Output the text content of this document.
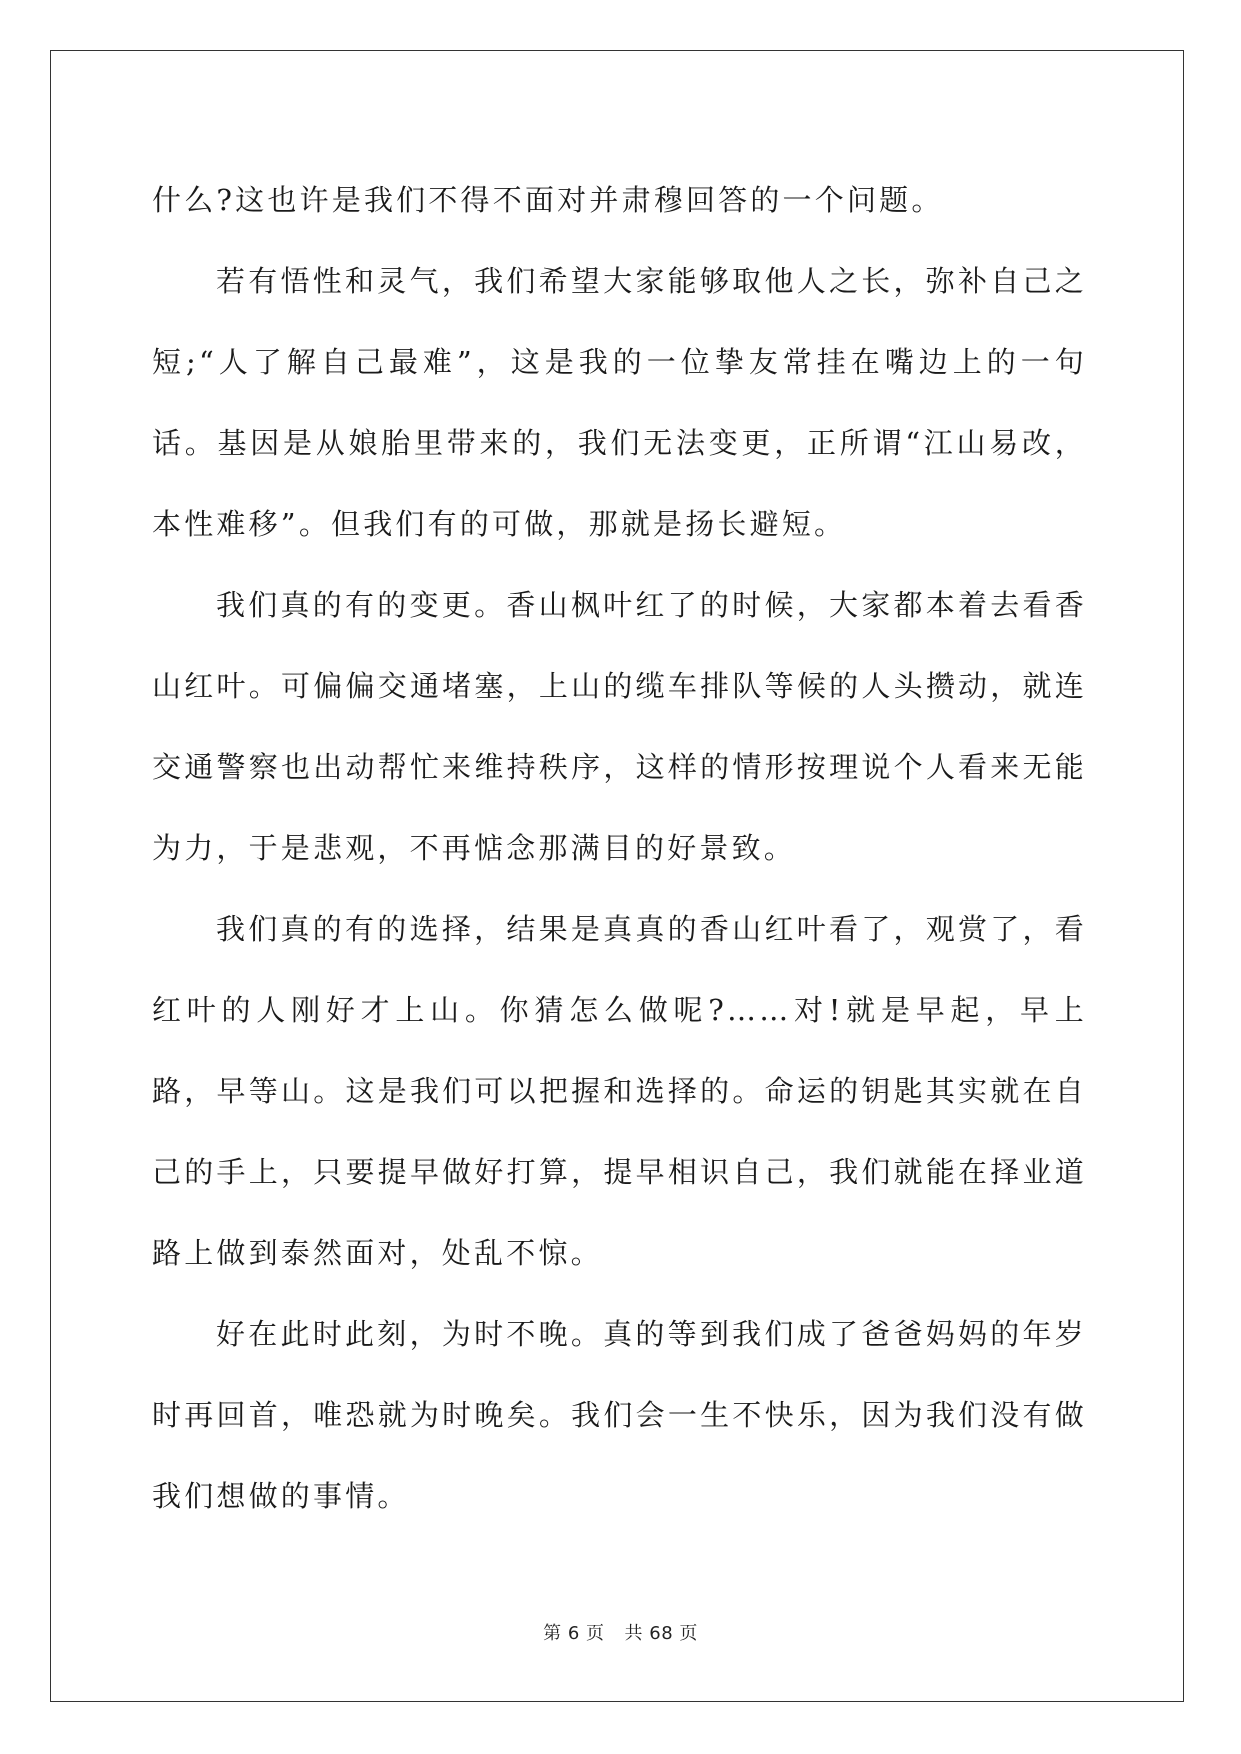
什么?这也许是我们不得不面对并肃穆回答的一个问题。

若有悟性和灵气，我们希望大家能够取他人之长，弥补自己之短;“人了解自己最难”，这是我的一位挚友常挂在嘴边上的一句话。基因是从娘胎里带来的，我们无法变更，正所谓“江山易改，本性难移”。但我们有的可做，那就是扬长避短。

我们真的有的变更。香山枫叶红了的时候，大家都本着去看香山红叶。可偏偏交通堵塞，上山的缆车排队等候的人头攒动，就连交通警察也出动帮忙来维持秩序，这样的情形按理说个人看来无能为力，于是悲观，不再惦念那满目的好景致。

我们真的有的选择，结果是真真的香山红叶看了，观赏了，看红叶的人刚好才上山。你猜怎么做呢?……对!就是早起，早上路，早等山。这是我们可以把握和选择的。命运的钥匙其实就在自己的手上，只要提早做好打算，提早相识自己，我们就能在择业道路上做到泰然面对，处乱不惊。

好在此时此刻，为时不晚。真的等到我们成了爸爸妈妈的年岁时再回首，唯恐就为时晚矣。我们会一生不快乐，因为我们没有做我们想做的事情。

第 6 页 共 68 页
